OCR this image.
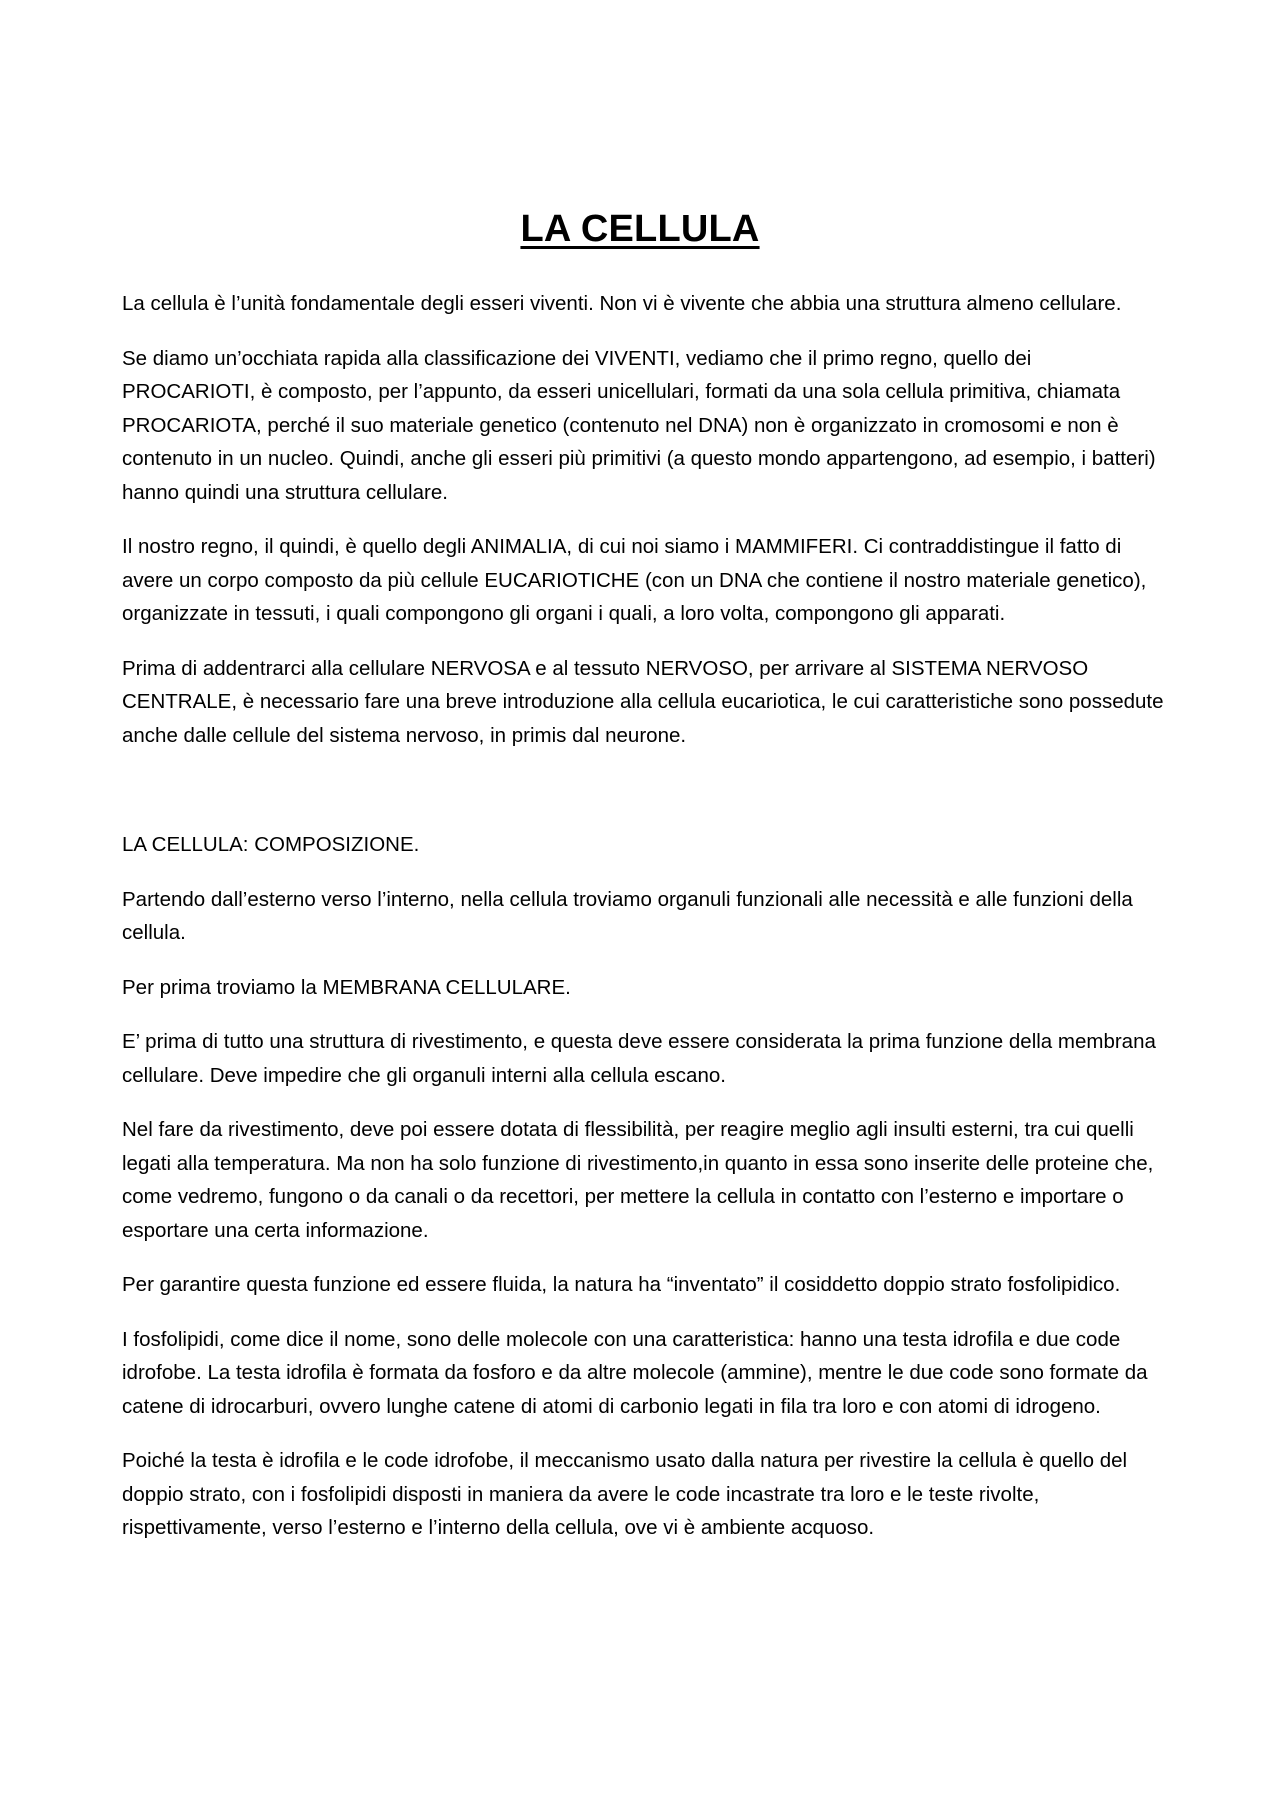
LA CELLULA

La cellula è l’unità fondamentale degli esseri viventi. Non vi è vivente che abbia una struttura almeno cellulare.

Se diamo un’occhiata rapida alla classificazione dei VIVENTI, vediamo che il primo regno, quello dei PROCARIOTI, è composto, per l’appunto, da esseri unicellulari, formati da una sola cellula primitiva, chiamata PROCARIOTA, perché il suo materiale genetico (contenuto nel DNA) non è organizzato in cromosomi e non è contenuto in un nucleo. Quindi, anche gli esseri più primitivi (a questo mondo appartengono, ad esempio, i batteri) hanno quindi una struttura cellulare.

Il nostro regno, il quindi, è quello degli ANIMALIA, di cui noi siamo i MAMMIFERI. Ci contraddistingue il fatto di avere un corpo composto da più cellule EUCARIOTICHE (con un DNA che contiene il nostro materiale genetico), organizzate in tessuti, i quali compongono gli organi i quali, a loro volta, compongono gli apparati.

Prima di addentrarci alla cellulare NERVOSA e al tessuto NERVOSO, per arrivare al SISTEMA NERVOSO CENTRALE, è necessario fare una breve introduzione alla cellula eucariotica, le cui caratteristiche sono possedute anche dalle cellule del sistema nervoso, in primis dal neurone.

LA CELLULA: COMPOSIZIONE.

Partendo dall’esterno verso l’interno, nella cellula troviamo organuli funzionali alle necessità e alle funzioni della cellula.

Per prima troviamo la MEMBRANA CELLULARE.

E’ prima di tutto una struttura di rivestimento, e questa deve essere considerata la prima funzione della membrana cellulare. Deve impedire che gli organuli interni alla cellula escano.

Nel fare da rivestimento, deve poi essere dotata di flessibilità, per reagire meglio agli insulti esterni, tra cui quelli legati alla temperatura. Ma non ha solo funzione di rivestimento,in quanto in essa sono inserite delle proteine che, come vedremo, fungono o da canali o da recettori, per mettere la cellula in contatto con l’esterno e importare o esportare una certa informazione.

Per garantire questa funzione ed essere fluida, la natura ha “inventato” il cosiddetto doppio strato fosfolipidico.

I fosfolipidi, come dice il nome, sono delle molecole con una caratteristica: hanno una testa idrofila e due code idrofobe. La testa idrofila è formata da fosforo e da altre molecole (ammine), mentre le due code sono formate da catene di idrocarburi, ovvero lunghe catene di atomi di carbonio legati in fila tra loro e con atomi di idrogeno.

Poiché la testa è idrofila e le code idrofobe, il meccanismo usato dalla natura per rivestire la cellula è quello del doppio strato, con i fosfolipidi disposti in maniera da avere le code incastrate tra loro e le teste rivolte, rispettivamente, verso l’esterno e l’interno della cellula, ove vi è ambiente acquoso.
